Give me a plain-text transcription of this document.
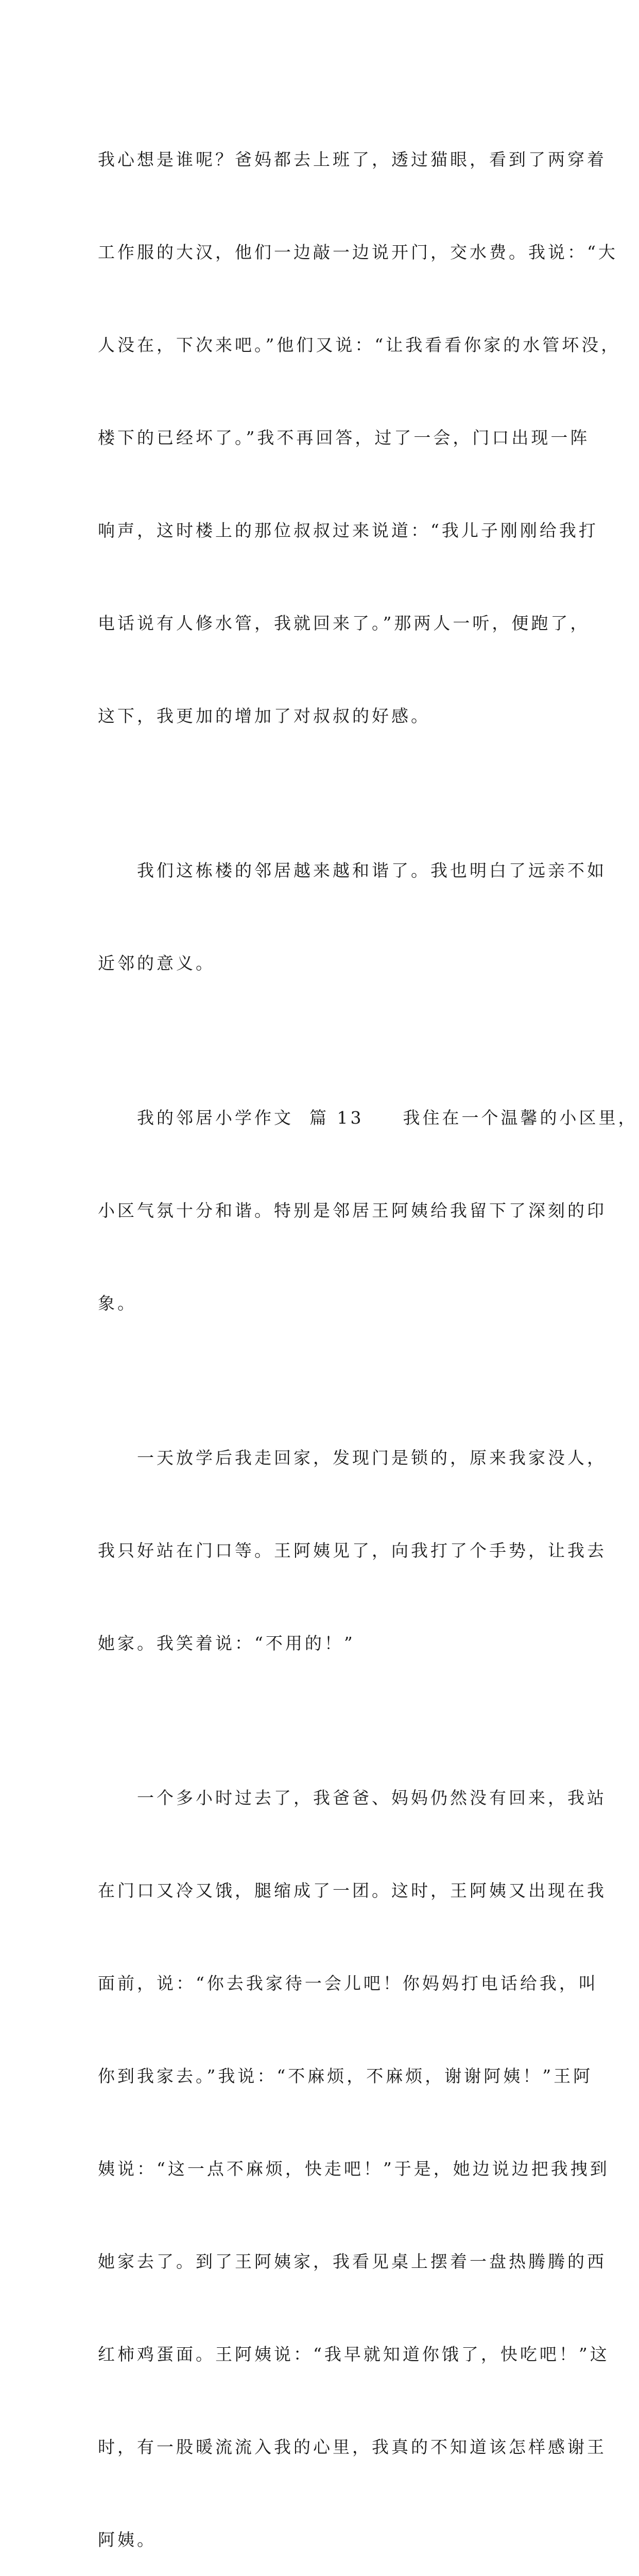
我心想是谁呢？爸妈都去上班了，透过猫眼，看到了两穿着

工作服的大汉，他们一边敲一边说开门，交水费。我说：“大

人没在，下次来吧。”他们又说：“让我看看你家的水管坏没，

楼下的已经坏了。”我不再回答，过了一会，门口出现一阵

响声，这时楼上的那位叔叔过来说道：“我儿子刚刚给我打

电话说有人修水管，我就回来了。”那两人一听，便跑了，

这下，我更加的增加了对叔叔的好感。

　　我们这栋楼的邻居越来越和谐了。我也明白了远亲不如

近邻的意义。

　　我的邻居小学作文  篇 13　　我住在一个温馨的小区里，

小区气氛十分和谐。特别是邻居王阿姨给我留下了深刻的印

象。

　　一天放学后我走回家，发现门是锁的，原来我家没人，

我只好站在门口等。王阿姨见了，向我打了个手势，让我去

她家。我笑着说：“不用的！”

　　一个多小时过去了，我爸爸、妈妈仍然没有回来，我站

在门口又冷又饿，腿缩成了一团。这时，王阿姨又出现在我

面前，说：“你去我家待一会儿吧！你妈妈打电话给我，叫

你到我家去。”我说：“不麻烦，不麻烦，谢谢阿姨！”王阿

姨说：“这一点不麻烦，快走吧！”于是，她边说边把我拽到

她家去了。到了王阿姨家，我看见桌上摆着一盘热腾腾的西

红柿鸡蛋面。王阿姨说：“我早就知道你饿了，快吃吧！”这

时，有一股暖流流入我的心里，我真的不知道该怎样感谢王

阿姨。
